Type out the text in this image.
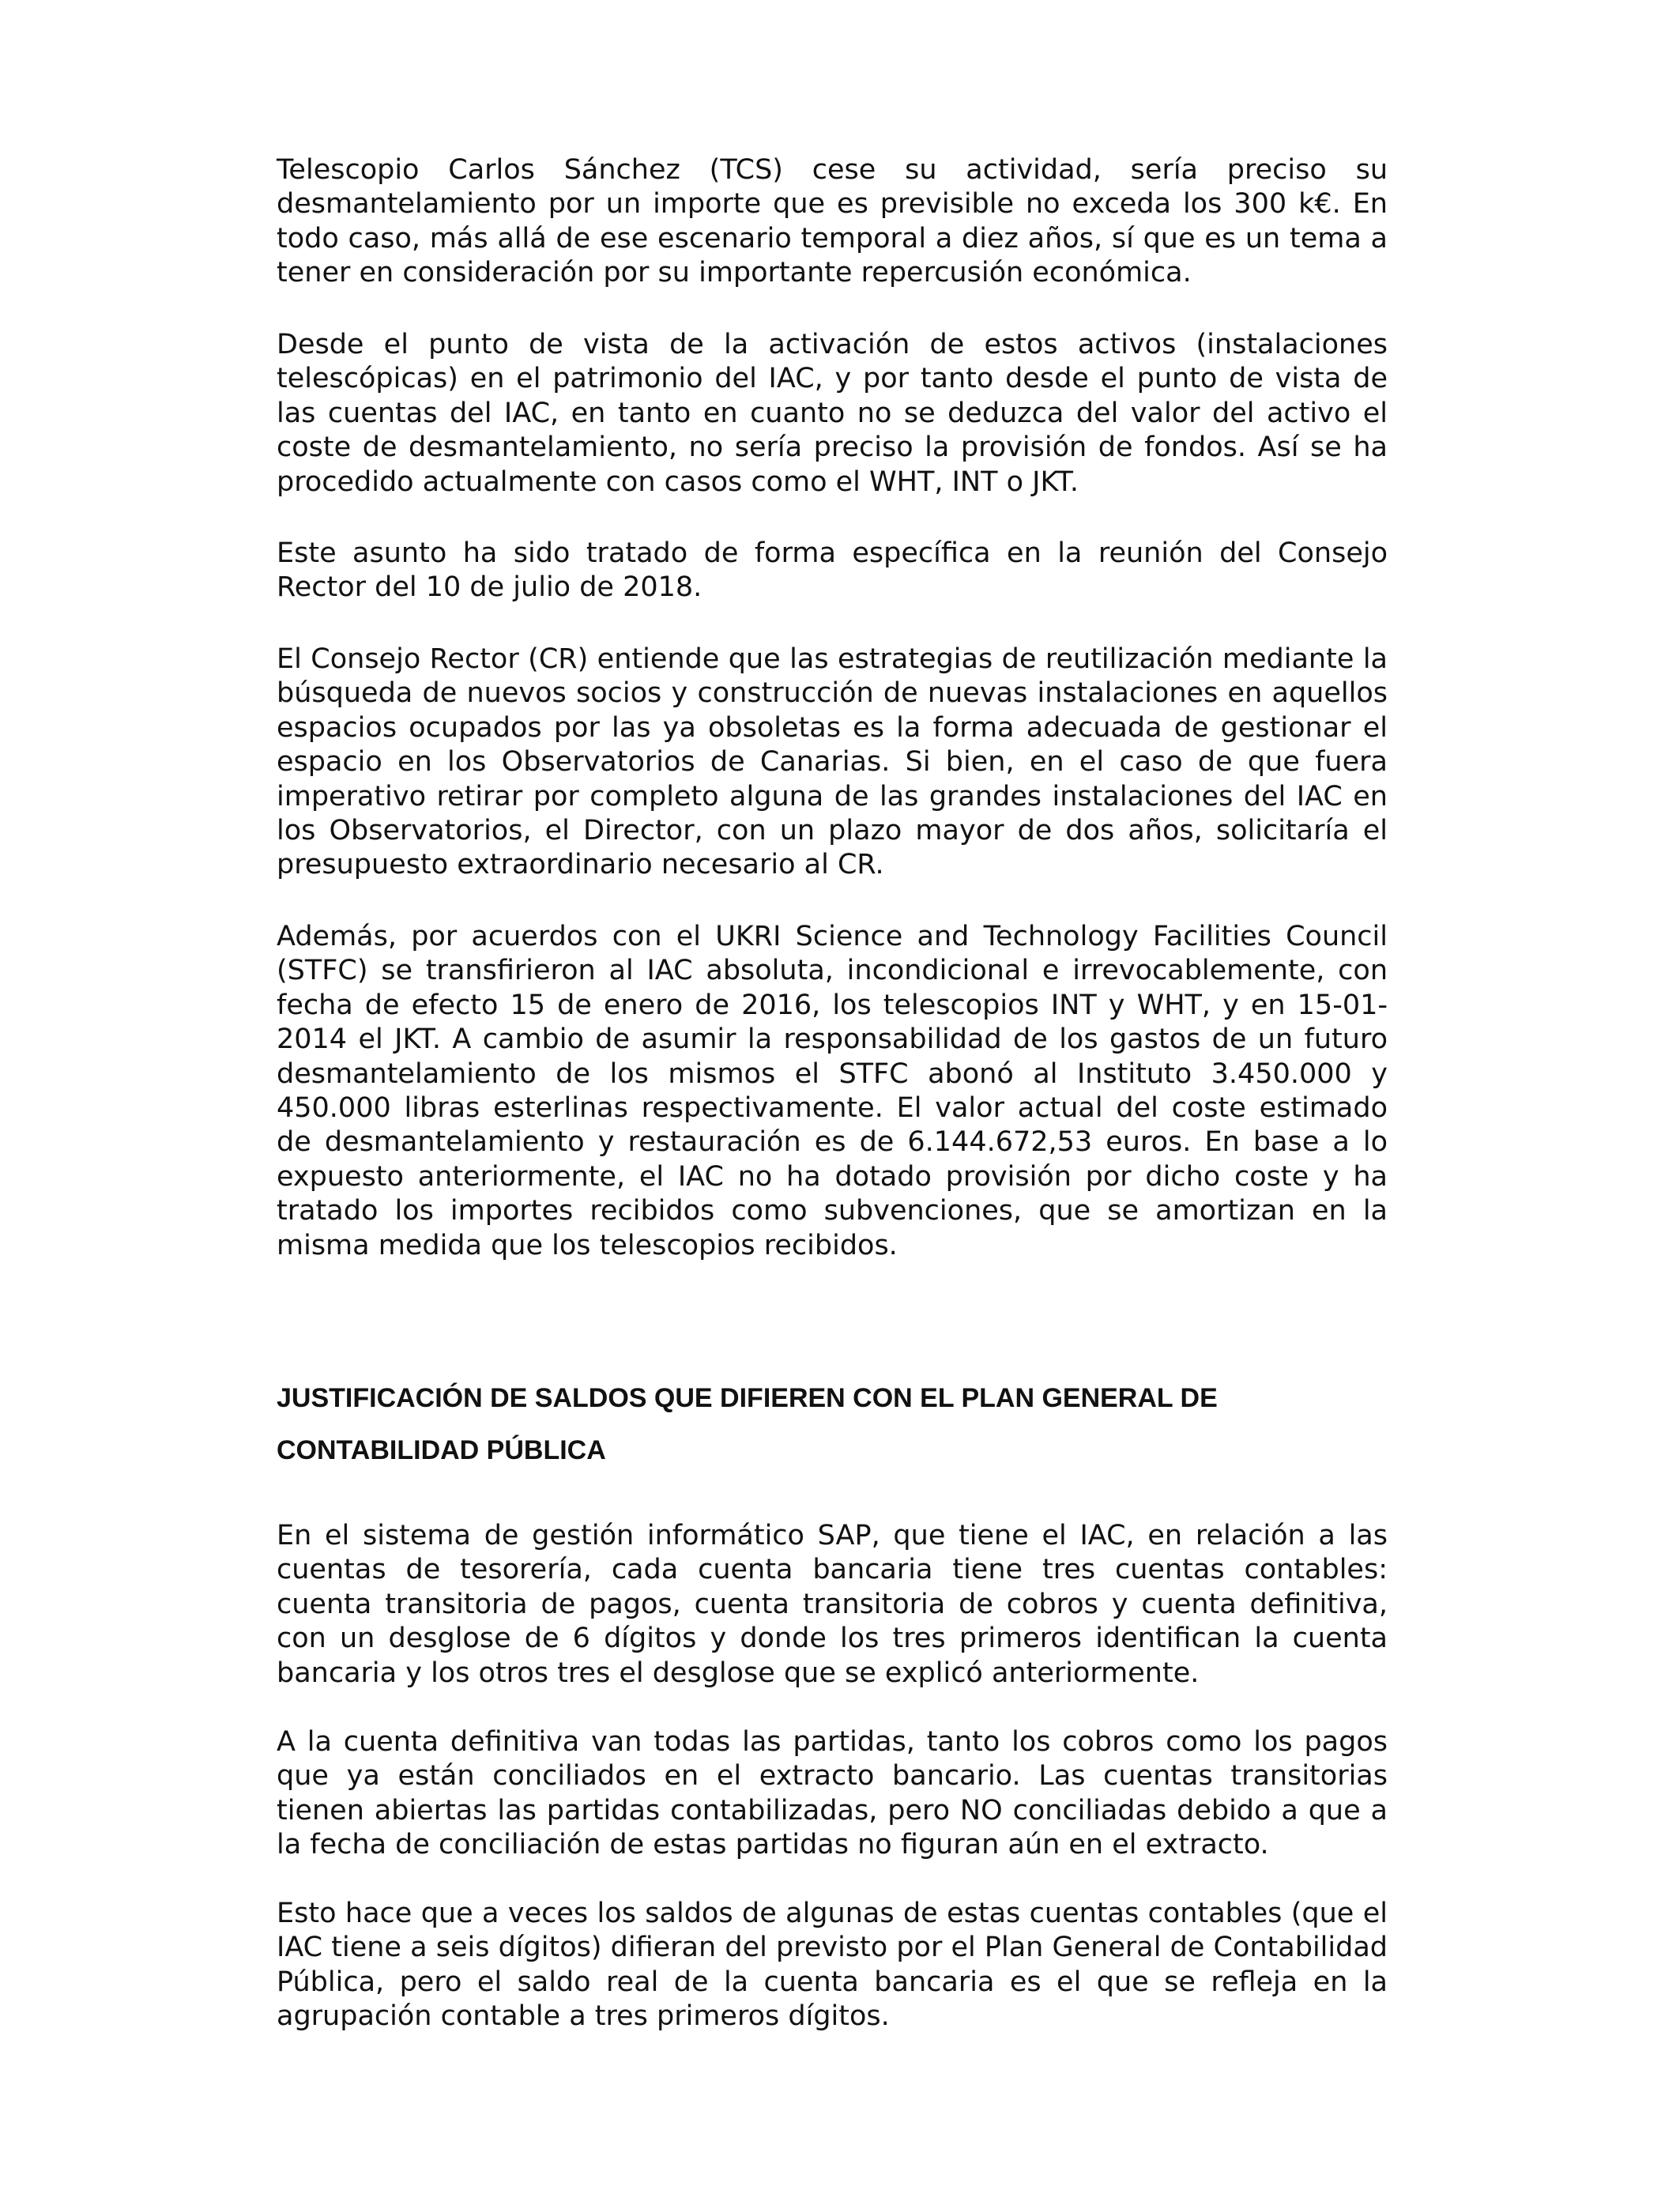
Telescopio Carlos Sánchez (TCS) cese su actividad, sería preciso su desmantelamiento por un importe que es previsible no exceda los 300 k€. En todo caso, más allá de ese escenario temporal a diez años, sí que es un tema a tener en consideración por su importante repercusión económica.

Desde el punto de vista de la activación de estos activos (instalaciones telescópicas) en el patrimonio del IAC, y por tanto desde el punto de vista de las cuentas del IAC, en tanto en cuanto no se deduzca del valor del activo el coste de desmantelamiento, no sería preciso la provisión de fondos. Así se ha procedido actualmente con casos como el WHT, INT o JKT.

Este asunto ha sido tratado de forma específica en la reunión del Consejo Rector del 10 de julio de 2018.

El Consejo Rector (CR) entiende que las estrategias de reutilización mediante la búsqueda de nuevos socios y construcción de nuevas instalaciones en aquellos espacios ocupados por las ya obsoletas es la forma adecuada de gestionar el espacio en los Observatorios de Canarias. Si bien, en el caso de que fuera imperativo retirar por completo alguna de las grandes instalaciones del IAC en los Observatorios, el Director, con un plazo mayor de dos años, solicitaría el presupuesto extraordinario necesario al CR.

Además, por acuerdos con el UKRI Science and Technology Facilities Council (STFC) se transfirieron al IAC absoluta, incondicional e irrevocablemente, con fecha de efecto 15 de enero de 2016, los telescopios INT y WHT, y en 15-01-2014 el JKT. A cambio de asumir la responsabilidad de los gastos de un futuro desmantelamiento de los mismos el STFC abonó al Instituto 3.450.000 y 450.000 libras esterlinas respectivamente. El valor actual del coste estimado de desmantelamiento y restauración es de 6.144.672,53 euros. En base a lo expuesto anteriormente, el IAC no ha dotado provisión por dicho coste y ha tratado los importes recibidos como subvenciones, que se amortizan en la misma medida que los telescopios recibidos.

JUSTIFICACIÓN DE SALDOS QUE DIFIEREN CON EL PLAN GENERAL DE CONTABILIDAD PÚBLICA

En el sistema de gestión informático SAP, que tiene el IAC, en relación a las cuentas de tesorería, cada cuenta bancaria tiene tres cuentas contables: cuenta transitoria de pagos, cuenta transitoria de cobros y cuenta definitiva, con un desglose de 6 dígitos y donde los tres primeros identifican la cuenta bancaria y los otros tres el desglose que se explicó anteriormente.

A la cuenta definitiva van todas las partidas, tanto los cobros como los pagos que ya están conciliados en el extracto bancario. Las cuentas transitorias tienen abiertas las partidas contabilizadas, pero NO conciliadas debido a que a la fecha de conciliación de estas partidas no figuran aún en el extracto.

Esto hace que a veces los saldos de algunas de estas cuentas contables (que el IAC tiene a seis dígitos) difieran del previsto por el Plan General de Contabilidad Pública, pero el saldo real de la cuenta bancaria es el que se refleja en la agrupación contable a tres primeros dígitos.
